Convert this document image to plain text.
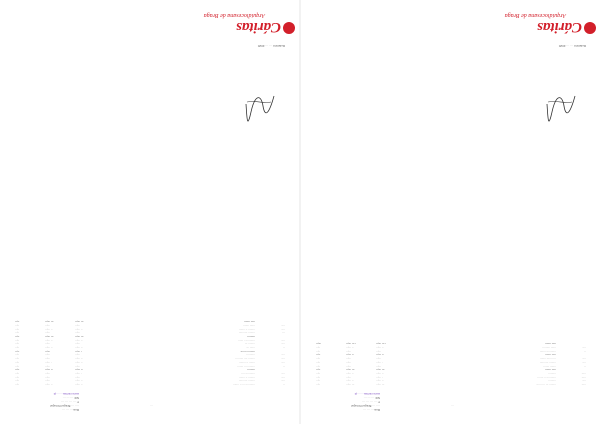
···
Rua ··· ··· ···
···· ··· Braga Portugal
T: ··· ··· ··· ···
NIF ··· ··· ···
www.caritas······.pt
··
··········· ··· ·· ·······
·· ···,··
·· ···,··
··,··
····
········ ··········
·· ···,··
···,··
··,··
····
········ ·· ·······
···,··
···,··
··,··
····
··········· ····
· ···,··
···,··
··,··
·········
·· ···,··
·· ···,··
··,··
··
·········· ·· ·······
···,··
···,··
··,··
····
······· ·· ········
·· ···,··
· ···,··
··,··
····
········ ···· ·········
·· ···,··
···,··
··,··
····
··········
···,··
···,··
··,··
········· ·······
· ···,··
···,··
··,··
··
······ ···
·· ···,··
·· ···,··
··,··
····
········ ···
···,··
···,··
··,··
····
··········· · ······
·· ···,··
·· ···,··
··,··
·········
··· ···,··
··· ···,··
··,··
···
········ ··········
···,··
···,··
··,··
····
········ ·· ·······
·· ···,··
·· ···,··
··,··
····
······ ·······
···,··
···,··
··,··
····· ·······
··· ···,··
··· ···,··
··,··
Relatório ··· ··· 2020
Cáritas
Arquidiocesana de Braga
···
Rua ··· ··· ···
···· ··· Braga Portugal
T: ··· ··· ··· ···
NIF ··· ··· ···
www.caritas······.pt
·····
········ ··· ·· ·······
··· ···,··
··· ···,··
··,··
····
·········
·· ···,··
·· ···,··
··,··
·····
··········· ·· ·······
· ···,··
···,··
··,··
·····
·········
·· ···,··
·· ···,··
··,··
····· ·······
··· ···,··
··· ···,··
··,··
··
······· ·······
···,··
···,··
··,··
····
········ ··········
· ···,··
···,··
··,··
····
··· ······· ·······
···,··
···,··
··,··
····· ·······
·· ···,··
·· ···,··
··,··
··
··········· ·······
···,··
···,··
··,··
····
······ ·········
·· ···,··
·· ···,··
··,··
····· ·······
· ··· ···,··
· ··· ···,··
···,··
Relatório ··· ··· 2020
Cáritas
Arquidiocesana de Braga
